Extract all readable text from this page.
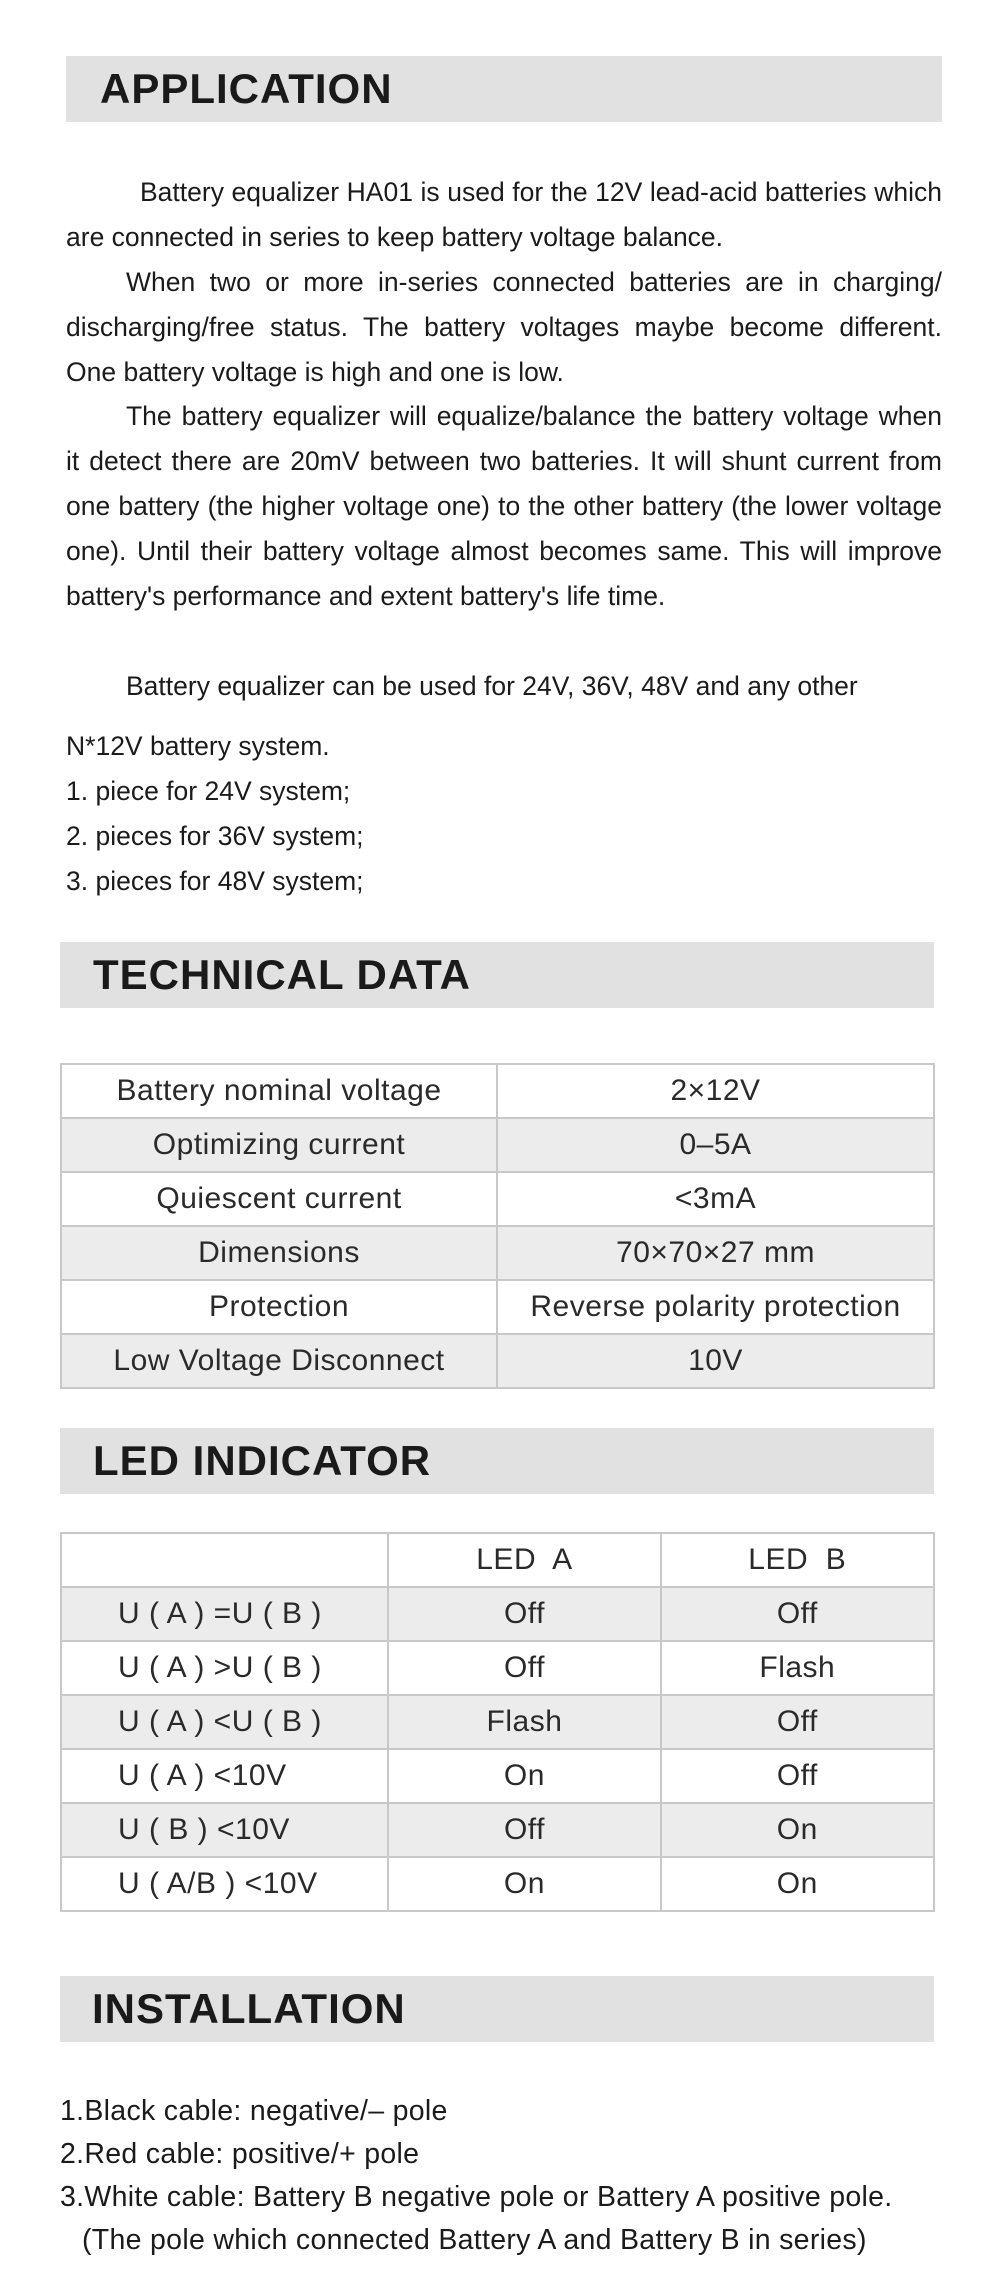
APPLICATION

Battery equalizer HA01 is used for the 12V lead-acid batteries which are connected in series to keep battery voltage balance.

When two or more in-series connected batteries are in charging/ discharging/free status. The battery voltages maybe become different. One battery voltage is high and one is low.

The battery equalizer will equalize/balance the battery voltage when it detect there are 20mV between two batteries. It will shunt current from one battery (the higher voltage one) to the other battery (the lower voltage one). Until their battery voltage almost becomes same. This will improve battery's performance and extent battery's life time.

Battery equalizer can be used for 24V, 36V, 48V and any other

N*12V battery system.

1. piece for 24V system;

2. pieces for 36V system;

3. pieces for 48V system;

TECHNICAL DATA
Battery nominal voltage	2×12V
Optimizing current	0–5A
Quiescent current	<3mA
Dimensions	70×70×27 mm
Protection	Reverse polarity protection
Low Voltage Disconnect	10V
LED INDICATOR
	LED  A	LED  B
U ( A ) =U ( B )	Off	Off
U ( A ) >U ( B )	Off	Flash
U ( A ) <U ( B )	Flash	Off
U ( A ) <10V	On	Off
U ( B ) <10V	Off	On
U ( A/B ) <10V	On	On
INSTALLATION

1.Black cable: negative/– pole

2.Red cable: positive/+ pole

3.White cable: Battery B negative pole or Battery A positive pole.

(The pole which connected Battery A and Battery B in series)
